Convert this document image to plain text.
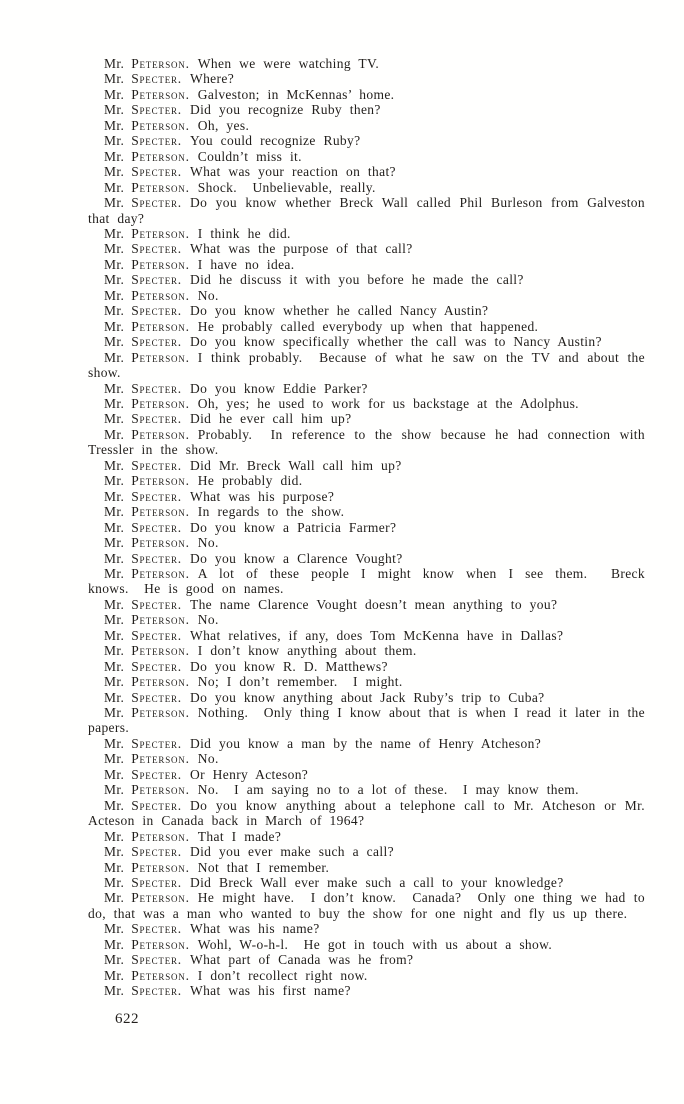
Mr. Peterson. When we were watching TV.

Mr. Specter. Where?

Mr. Peterson. Galveston; in McKennas’ home.

Mr. Specter. Did you recognize Ruby then?

Mr. Peterson. Oh, yes.

Mr. Specter. You could recognize Ruby?

Mr. Peterson. Couldn’t miss it.

Mr. Specter. What was your reaction on that?

Mr. Peterson. Shock.  Unbelievable, really.

Mr. Specter. Do you know whether Breck Wall called Phil Burleson from Galveston that day?

Mr. Peterson. I think he did.

Mr. Specter. What was the purpose of that call?

Mr. Peterson. I have no idea.

Mr. Specter. Did he discuss it with you before he made the call?

Mr. Peterson. No.

Mr. Specter. Do you know whether he called Nancy Austin?

Mr. Peterson. He probably called everybody up when that happened.

Mr. Specter. Do you know specifically whether the call was to Nancy Austin?

Mr. Peterson. I think probably.  Because of what he saw on the TV and about the show.

Mr. Specter. Do you know Eddie Parker?

Mr. Peterson. Oh, yes; he used to work for us backstage at the Adolphus.

Mr. Specter. Did he ever call him up?

Mr. Peterson. Probably.  In reference to the show because he had connection with Tressler in the show.

Mr. Specter. Did Mr. Breck Wall call him up?

Mr. Peterson. He probably did.

Mr. Specter. What was his purpose?

Mr. Peterson. In regards to the show.

Mr. Specter. Do you know a Patricia Farmer?

Mr. Peterson. No.

Mr. Specter. Do you know a Clarence Vought?

Mr. Peterson. A lot of these people I might know when I see them.  Breck knows.  He is good on names.

Mr. Specter. The name Clarence Vought doesn’t mean anything to you?

Mr. Peterson. No.

Mr. Specter. What relatives, if any, does Tom McKenna have in Dallas?

Mr. Peterson. I don’t know anything about them.

Mr. Specter. Do you know R. D. Matthews?

Mr. Peterson. No; I don’t remember.  I might.

Mr. Specter. Do you know anything about Jack Ruby’s trip to Cuba?

Mr. Peterson. Nothing.  Only thing I know about that is when I read it later in the papers.

Mr. Specter. Did you know a man by the name of Henry Atcheson?

Mr. Peterson. No.

Mr. Specter. Or Henry Acteson?

Mr. Peterson. No.  I am saying no to a lot of these.  I may know them.

Mr. Specter. Do you know anything about a telephone call to Mr. Atcheson or Mr. Acteson in Canada back in March of 1964?

Mr. Peterson. That I made?

Mr. Specter. Did you ever make such a call?

Mr. Peterson. Not that I remember.

Mr. Specter. Did Breck Wall ever make such a call to your knowledge?

Mr. Peterson. He might have.  I don’t know.  Canada?  Only one thing we had to do, that was a man who wanted to buy the show for one night and fly us up there.

Mr. Specter. What was his name?

Mr. Peterson. Wohl, W-o-h-l.  He got in touch with us about a show.

Mr. Specter. What part of Canada was he from?

Mr. Peterson. I don’t recollect right now.

Mr. Specter. What was his first name?

622
